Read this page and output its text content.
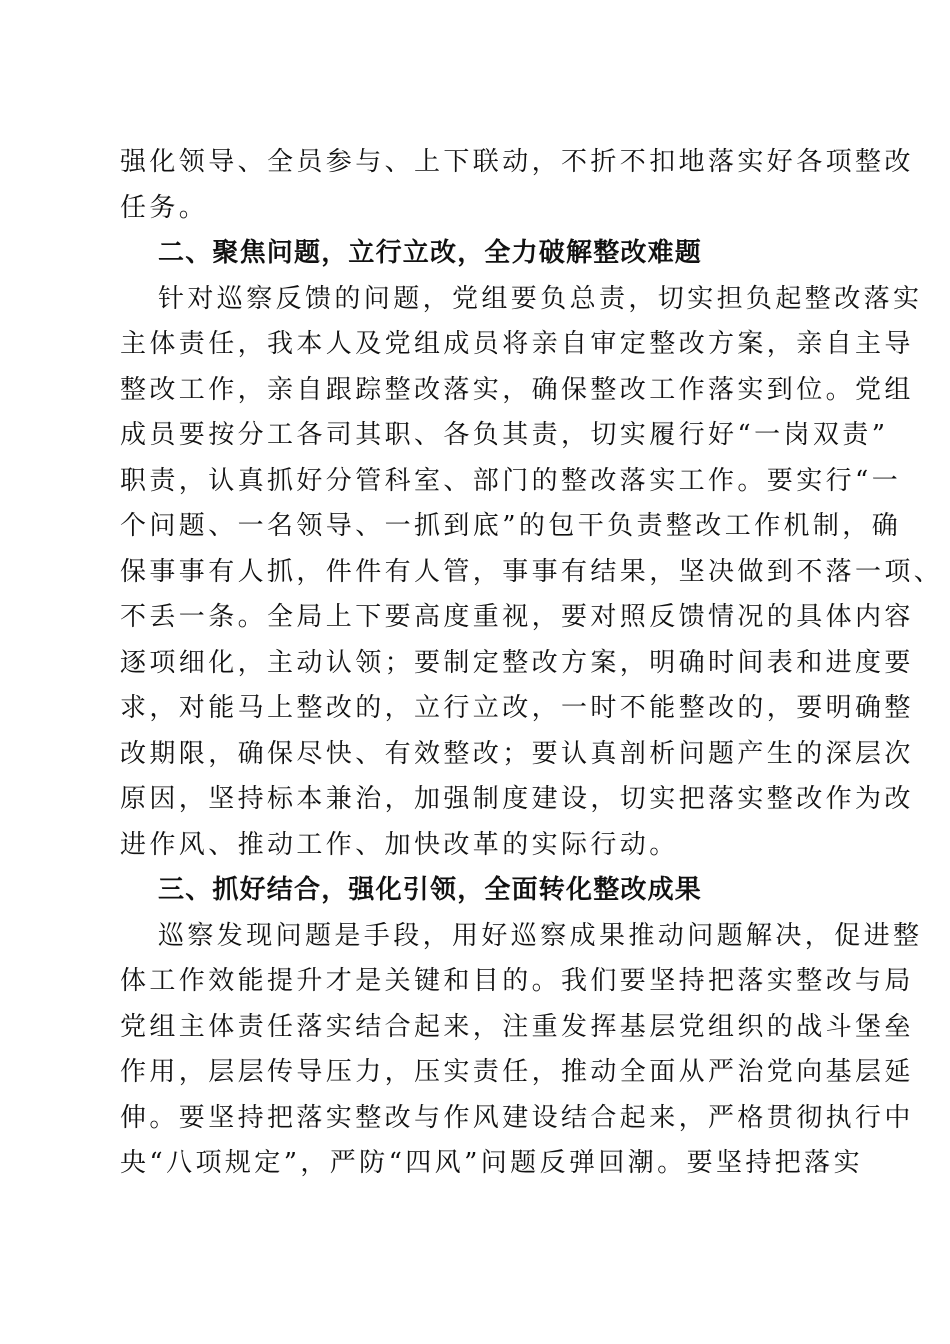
强化领导、全员参与、上下联动，不折不扣地落实好各项整改
任务。
二、聚焦问题，立行立改，全力破解整改难题
针对巡察反馈的问题，党组要负总责，切实担负起整改落实
主体责任，我本人及党组成员将亲自审定整改方案，亲自主导
整改工作，亲自跟踪整改落实，确保整改工作落实到位。党组
成员要按分工各司其职、各负其责，切实履行好“一岗双责”
职责，认真抓好分管科室、部门的整改落实工作。要实行“一
个问题、一名领导、一抓到底”的包干负责整改工作机制，确
保事事有人抓，件件有人管，事事有结果，坚决做到不落一项、
不丢一条。全局上下要高度重视，要对照反馈情况的具体内容
逐项细化，主动认领；要制定整改方案，明确时间表和进度要
求，对能马上整改的，立行立改，一时不能整改的，要明确整
改期限，确保尽快、有效整改；要认真剖析问题产生的深层次
原因，坚持标本兼治，加强制度建设，切实把落实整改作为改
进作风、推动工作、加快改革的实际行动。
三、抓好结合，强化引领，全面转化整改成果
巡察发现问题是手段，用好巡察成果推动问题解决，促进整
体工作效能提升才是关键和目的。我们要坚持把落实整改与局
党组主体责任落实结合起来，注重发挥基层党组织的战斗堡垒
作用，层层传导压力，压实责任，推动全面从严治党向基层延
伸。要坚持把落实整改与作风建设结合起来，严格贯彻执行中
央“八项规定”，严防“四风”问题反弹回潮。要坚持把落实
